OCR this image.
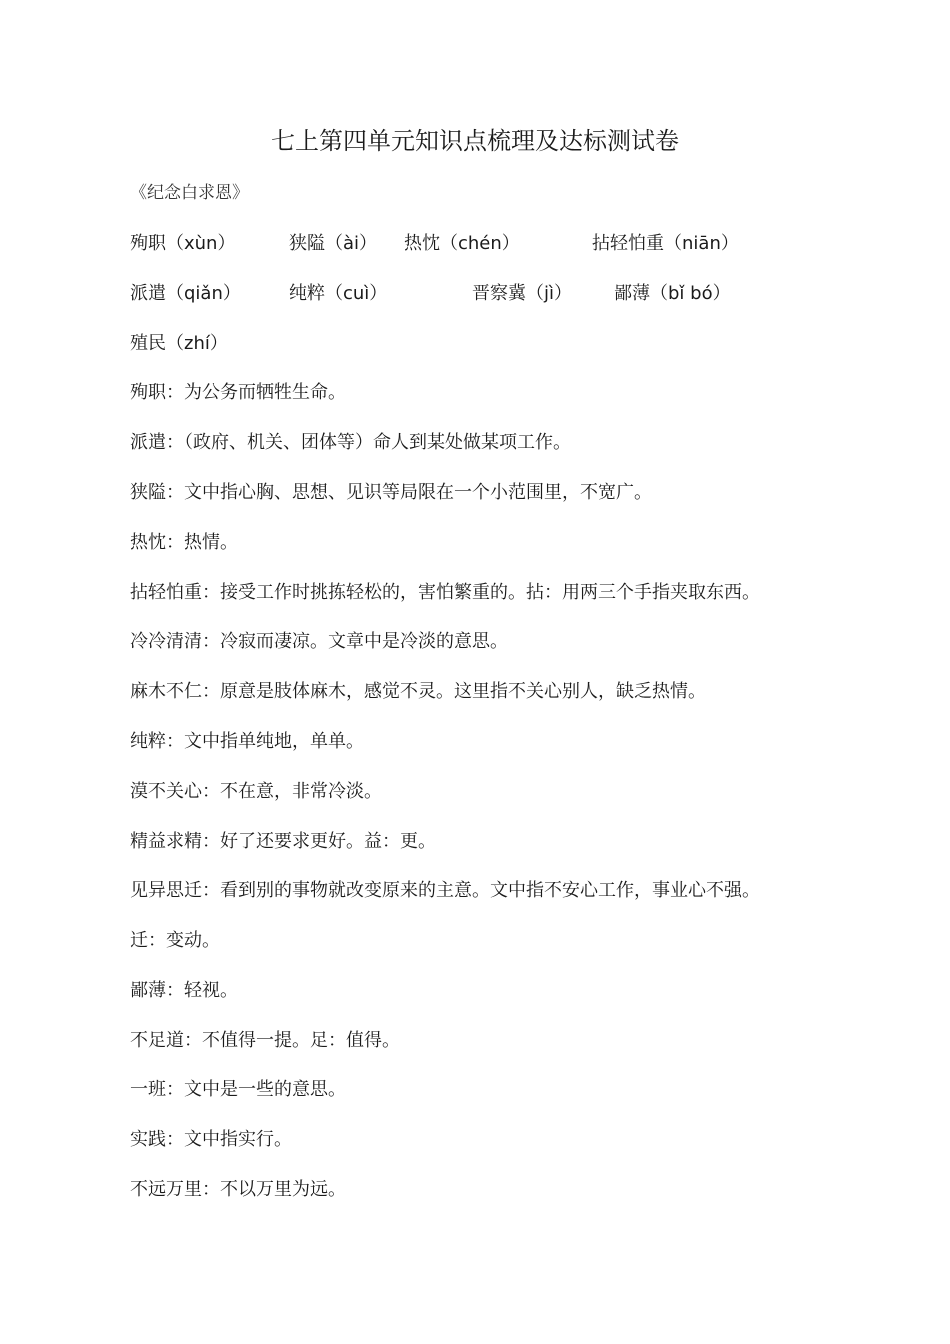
七上第四单元知识点梳理及达标测试卷
《纪念白求恩》
殉职（xùn）	狭隘（ài） 热忱（chén）	拈轻怕重（niān）
派遣（qiǎn）	纯粹（cuì）	晋察冀（jì） 鄙薄（bǐ bó）
殖民（zhí）
殉职：为公务而牺牲生命。
派遣：（政府、机关、团体等）命人到某处做某项工作。
狭隘：文中指心胸、思想、见识等局限在一个小范围里，不宽广。
热忱：热情。
拈轻怕重：接受工作时挑拣轻松的，害怕繁重的。拈：用两三个手指夹取东西。
冷冷清清：冷寂而凄凉。文章中是冷淡的意思。
麻木不仁：原意是肢体麻木，感觉不灵。这里指不关心别人，缺乏热情。
纯粹：文中指单纯地，单单。
漠不关心：不在意，非常冷淡。
精益求精：好了还要求更好。益：更。
见异思迁：看到别的事物就改变原来的主意。文中指不安心工作，事业心不强。
迁：变动。
鄙薄：轻视。
不足道：不值得一提。足：值得。
一班：文中是一些的意思。
实践：文中指实行。
不远万里：不以万里为远。
